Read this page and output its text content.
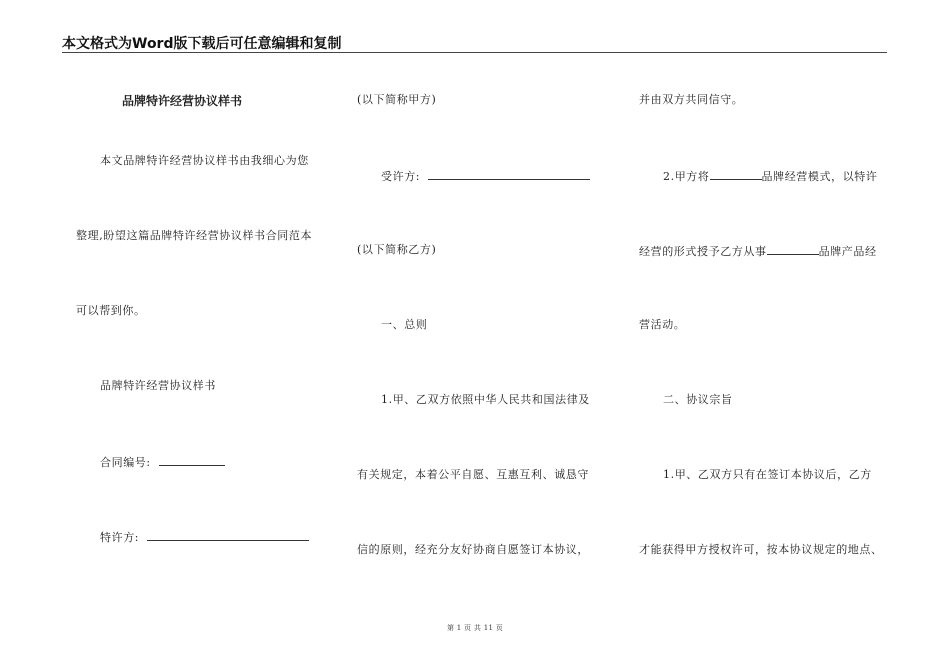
本文格式为Word版下载后可任意编辑和复制
品牌特许经营协议样书
本文品牌特许经营协议样书由我细心为您
整理,盼望这篇品牌特许经营协议样书合同范本
可以帮到你。
品牌特许经营协议样书
合同编号:
特许方:
(以下简称甲方)
受许方:
(以下简称乙方)
一、总则
1.甲、乙双方依照中华人民共和国法律及
有关规定，本着公平自愿、互惠互利、诚恳守
信的原则，经充分友好协商自愿签订本协议，
并由双方共同信守。
2.甲方将	品牌经营模式，以特许
经营的形式授予乙方从事	品牌产品经
营活动。
二、协议宗旨
1.甲、乙双方只有在签订本协议后，乙方
才能获得甲方授权许可，按本协议规定的地点、
第 1 页 共 11 页
